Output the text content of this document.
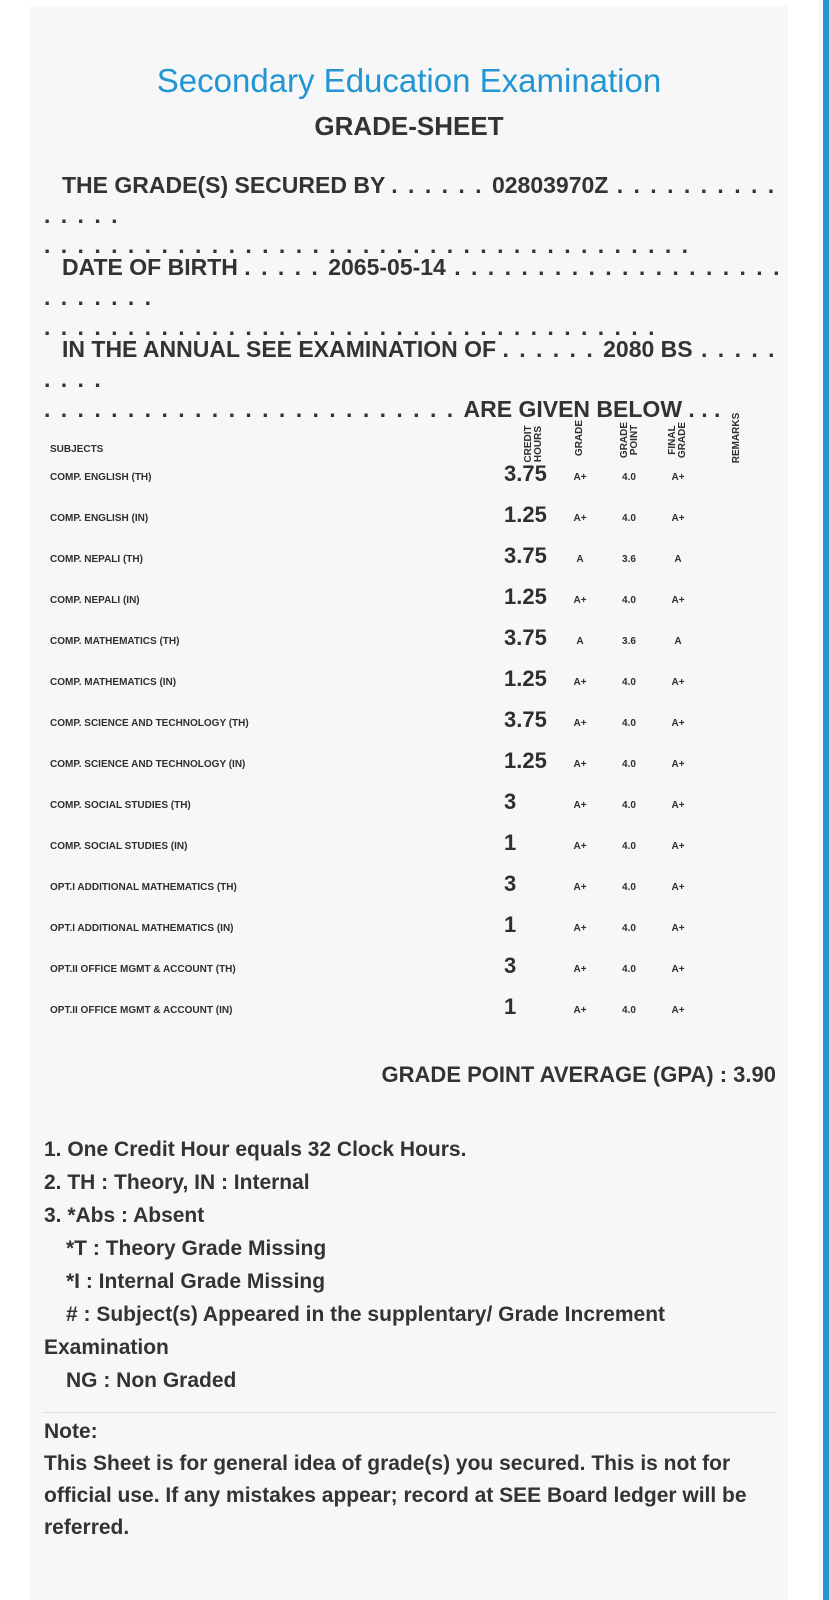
Secondary Education Examination
GRADE-SHEET
THE GRADE(S) SECURED BY . . . . . . 02803970Z . . . . . . . . . . . . . . .
. . . . . . . . . . . . . . . . . . . . . . . . . . . . . . . . . . . . . . .
DATE OF BIRTH . . . . . 2065-05-14 . . . . . . . . . . . . . . . . . . . . . . . . . . .
. . . . . . . . . . . . . . . . . . . . . . . . . . . . . . . . . . . . .
IN THE ANNUAL SEE EXAMINATION OF . . . . . . 2080 BS . . . . . . . . .
. . . . . . . . . . . . . . . . . . . . . . . . . ARE GIVEN BELOW . . .
SUBJECTS	CREDIT HOURS	GRADE	GRADE POINT	FINAL GRADE	REMARKS
COMP. ENGLISH (TH)	3.75	A+	4.0	A+
COMP. ENGLISH (IN)	1.25	A+	4.0	A+
COMP. NEPALI (TH)	3.75	A	3.6	A
COMP. NEPALI (IN)	1.25	A+	4.0	A+
COMP. MATHEMATICS (TH)	3.75	A	3.6	A
COMP. MATHEMATICS (IN)	1.25	A+	4.0	A+
COMP. SCIENCE AND TECHNOLOGY (TH)	3.75	A+	4.0	A+
COMP. SCIENCE AND TECHNOLOGY (IN)	1.25	A+	4.0	A+
COMP. SOCIAL STUDIES (TH)	3	A+	4.0	A+
COMP. SOCIAL STUDIES (IN)	1	A+	4.0	A+
OPT.I ADDITIONAL MATHEMATICS (TH)	3	A+	4.0	A+
OPT.I ADDITIONAL MATHEMATICS (IN)	1	A+	4.0	A+
OPT.II OFFICE MGMT & ACCOUNT (TH)	3	A+	4.0	A+
OPT.II OFFICE MGMT & ACCOUNT (IN)	1	A+	4.0	A+
GRADE POINT AVERAGE (GPA) : 3.90
1. One Credit Hour equals 32 Clock Hours.
2. TH : Theory, IN : Internal
3. *Abs : Absent
*T : Theory Grade Missing
*I : Internal Grade Missing
# : Subject(s) Appeared in the supplentary/ Grade Increment
Examination
NG : Non Graded
Note:
This Sheet is for general idea of grade(s) you secured. This is not for official use. If any mistakes appear; record at SEE Board ledger will be referred.
